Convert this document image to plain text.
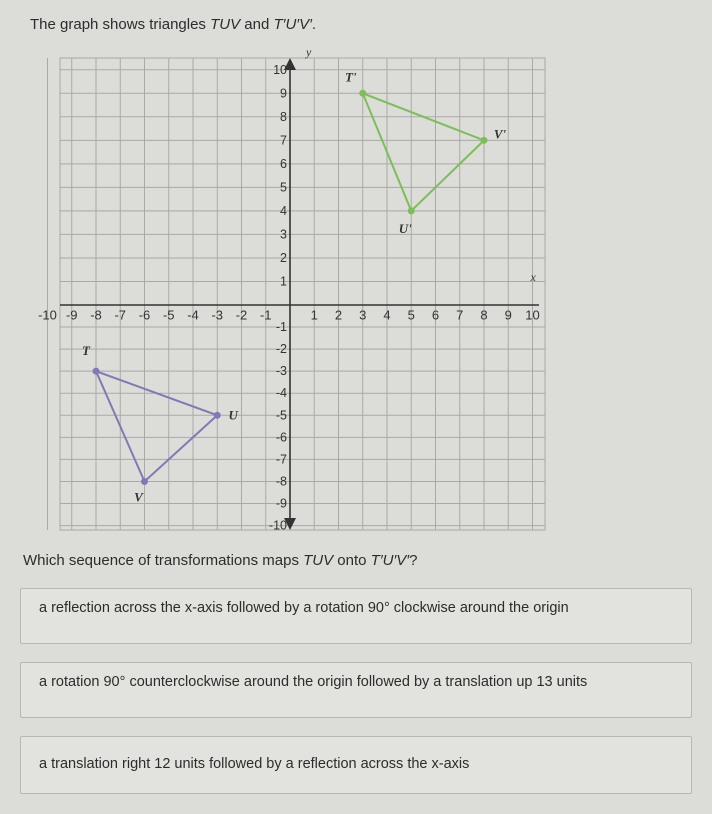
The graph shows triangles TUV and T′U′V′.
x
y
-10 -9 -8 -7 -6 -5 -4 -3 -2 -1	1 2 3 4 5 6 7 8 9 10
10
9
8
7
6
5
4
3
2
1
-1
-2
-3
-4
-5
-6
-7
-8
-9
-10
T
U
V
T'
U'
V'
Which sequence of transformations maps TUV onto T′U′V′?
a reflection across the x-axis followed by a rotation 90° clockwise around the origin
a rotation 90° counterclockwise around the origin followed by a translation up 13 units
a translation right 12 units followed by a reflection across the x-axis
